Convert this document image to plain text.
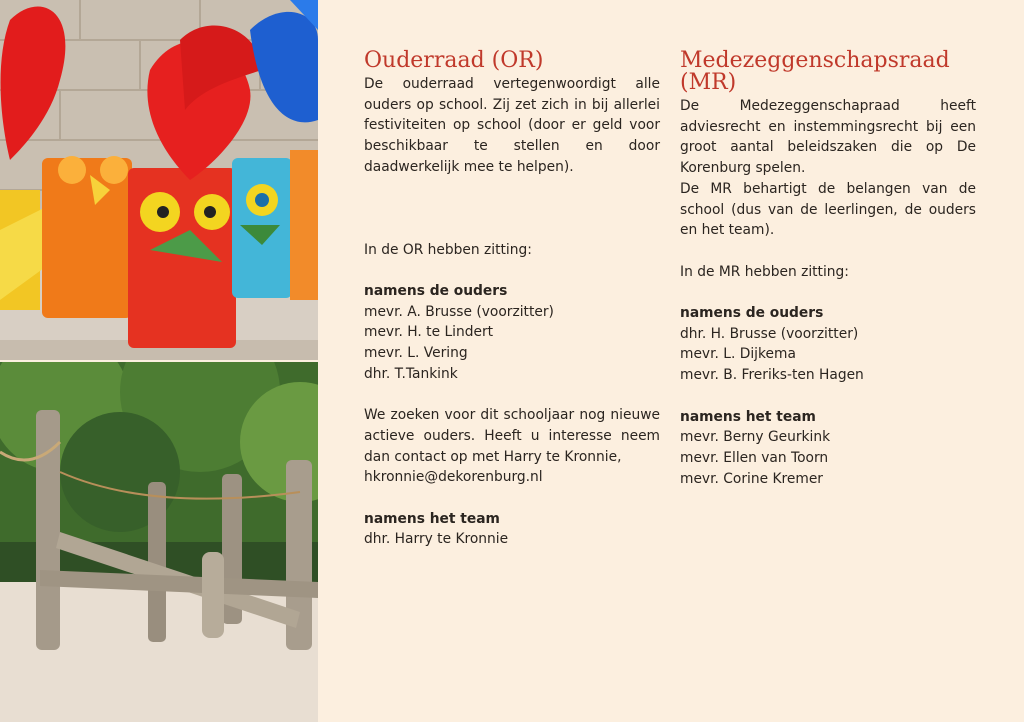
Ouderraad (OR)

De ouderraad vertegenwoordigt alle ouders op school. Zij zet zich in bij allerlei festiviteiten op school (door er geld voor beschikbaar te stellen en door daadwerkelijk mee te helpen).

In de OR hebben zitting:

namens de ouders

mevr. A. Brusse (voorzitter)

mevr. H. te Lindert

mevr. L. Vering

dhr. T.Tankink

We zoeken voor dit schooljaar nog nieuwe actieve ouders. Heeft u interesse neem dan contact op met Harry te Kronnie,

hkronnie@dekorenburg.nl

namens het team

dhr. Harry te Kronnie

Medezeggenschapsraad (MR)

De Medezeggenschapraad heeft adviesrecht en instemmingsrecht bij een groot aantal beleidszaken die op De Korenburg spelen.

De MR behartigt de belangen van de school (dus van de leerlingen, de ouders en het team).

In de MR hebben zitting:

namens de ouders

dhr. H. Brusse (voorzitter)

mevr. L. Dijkema

mevr. B. Freriks-ten Hagen

namens het team

mevr. Berny Geurkink

mevr. Ellen van Toorn

mevr. Corine Kremer
